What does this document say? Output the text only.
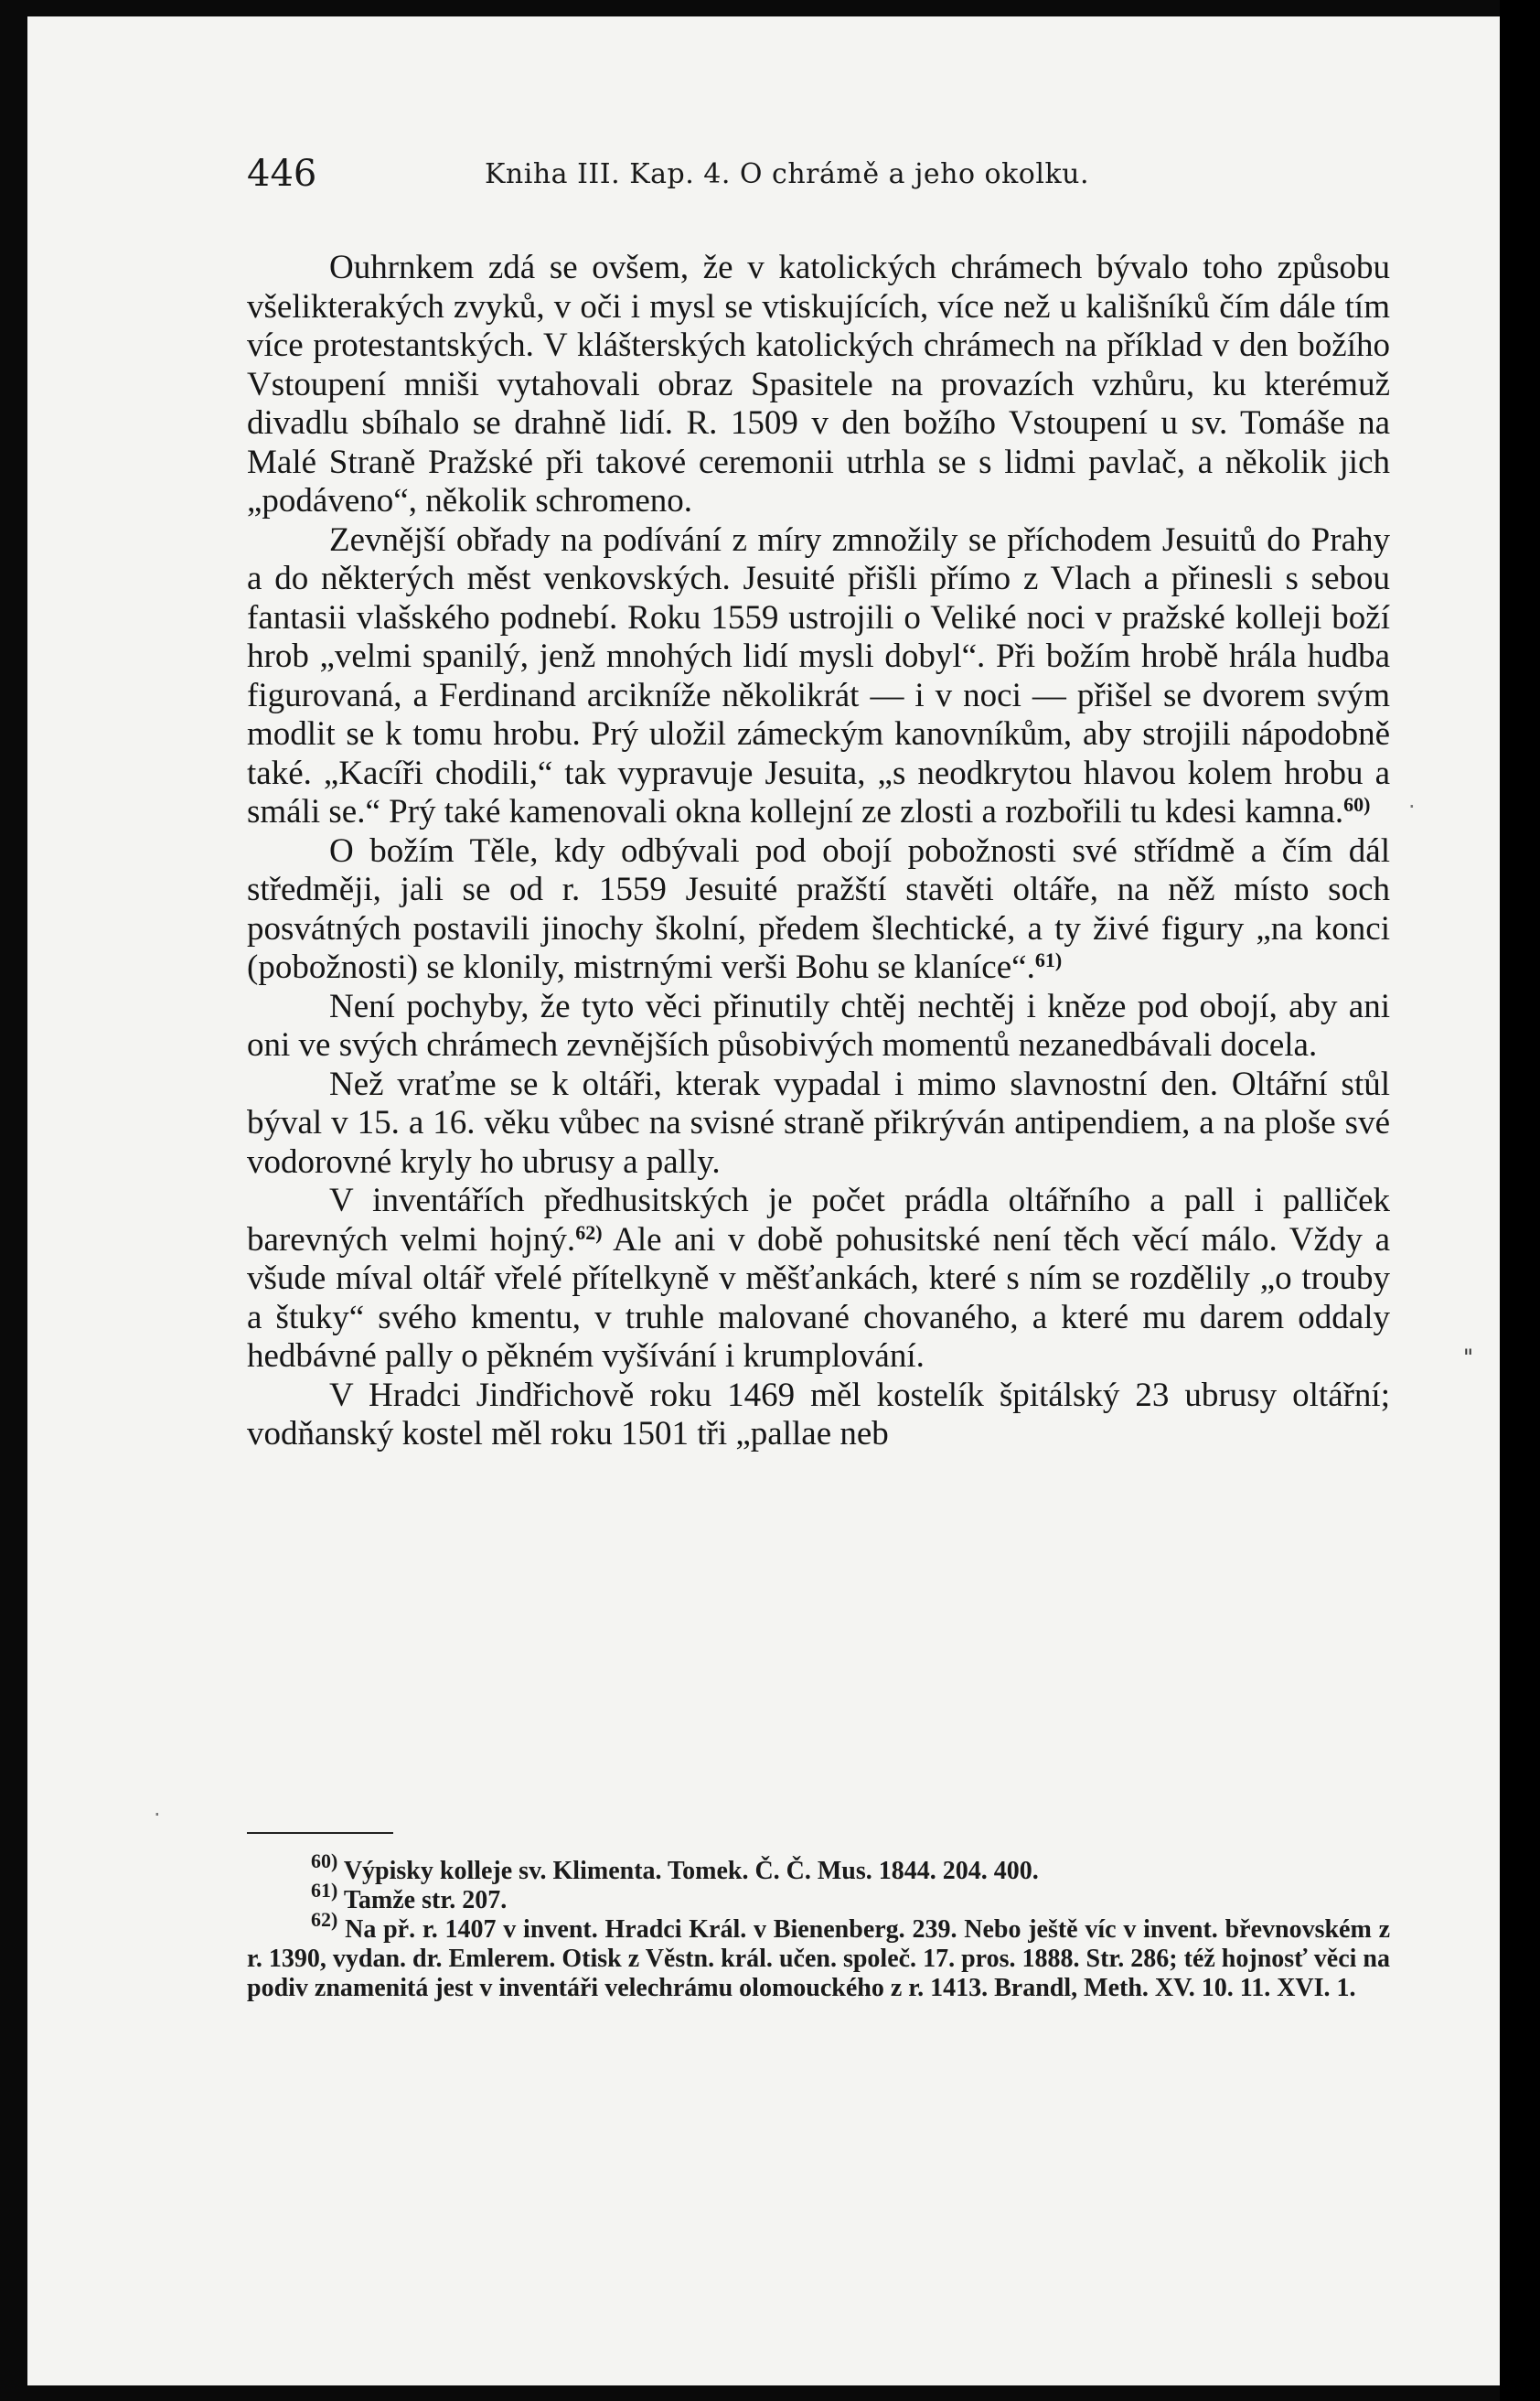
446	Kniha III. Kap. 4. O chrámě a jeho okolku.

Ouhrnkem zdá se ovšem, že v katolických chrámech bývalo toho způsobu všelikterakých zvyků, v oči i mysl se vtiskujících, více než u kališníků čím dále tím více protestantských. V klášterských katolických chrámech na příklad v den božího Vstoupení mniši vytahovali obraz Spasitele na provazích vzhůru, ku kterémuž divadlu sbíhalo se drahně lidí. R. 1509 v den božího Vstoupení u sv. Tomáše na Malé Straně Pražské při takové ceremonii utrhla se s lidmi pavlač, a několik jich „podáveno“, několik schromeno.

Zevnější obřady na podívání z míry zmnožily se příchodem Jesuitů do Prahy a do některých měst venkovských. Jesuité přišli přímo z Vlach a přinesli s sebou fantasii vlašského podnebí. Roku 1559 ustrojili o Veliké noci v pražské kolleji boží hrob „velmi spanilý, jenž mnohých lidí mysli dobyl“. Při božím hrobě hrála hudba figurovaná, a Ferdinand arcikníže několikrát — i v noci — přišel se dvorem svým modlit se k tomu hrobu. Prý uložil zámeckým kanovníkům, aby strojili nápodobně také. „Kacíři chodili,“ tak vypravuje Jesuita, „s neodkrytou hlavou kolem hrobu a smáli se.“ Prý také kamenovali okna kollejní ze zlosti a rozbořili tu kdesi kamna.$^{60)}$

O božím Těle, kdy odbývali pod obojí pobožnosti své střídmě a čím dál středměji, jali se od r. 1559 Jesuité pražští stavěti oltáře, na něž místo soch posvátných postavili jinochy školní, předem šlechtické, a ty živé figury „na konci (pobožnosti) se klonily, mistrnými verši Bohu se klaníce“.$^{61)}$

Není pochyby, že tyto věci přinutily chtěj nechtěj i kněze pod obojí, aby ani oni ve svých chrámech zevnějších působivých momentů nezanedbávali docela.

Než vraťme se k oltáři, kterak vypadal i mimo slavnostní den. Oltářní stůl býval v 15. a 16. věku vůbec na svisné straně přikrýván antipendiem, a na ploše své vodorovné kryly ho ubrusy a pally.

V inventářích předhusitských je počet prádla oltářního a pall i palliček barevných velmi hojný.$^{62)}$ Ale ani v době pohusitské není těch věcí málo. Vždy a všude míval oltář vřelé přítelkyně v měšťankách, které s ním se rozdělily „o trouby a štuky“ svého kmentu, v truhle malované chovaného, a které mu darem oddaly hedbávné pally o pěkném vyšívání i krumplování.

V Hradci Jindřichově roku 1469 měl kostelík špitálský 23 ubrusy oltářní; vodňanský kostel měl roku 1501 tři „pallae neb

$^{60)}$ Výpisky kolleje sv. Klimenta. Tomek. Č. Č. Mus. 1844. 204. 400.

$^{61)}$ Tamže str. 207.

$^{62)}$ Na př. r. 1407 v invent. Hradci Král. v Bienenberg. 239. Nebo ještě víc v invent. břevnovském z r. 1390, vydan. dr. Emlerem. Otisk z Věstn. král. učen. společ. 17. pros. 1888. Str. 286; též hojnosť věci na podiv znamenitá jest v inventáři velechrámu olomouckého z r. 1413. Brandl, Meth. XV. 10. 11. XVI. 1.

·
"
·
